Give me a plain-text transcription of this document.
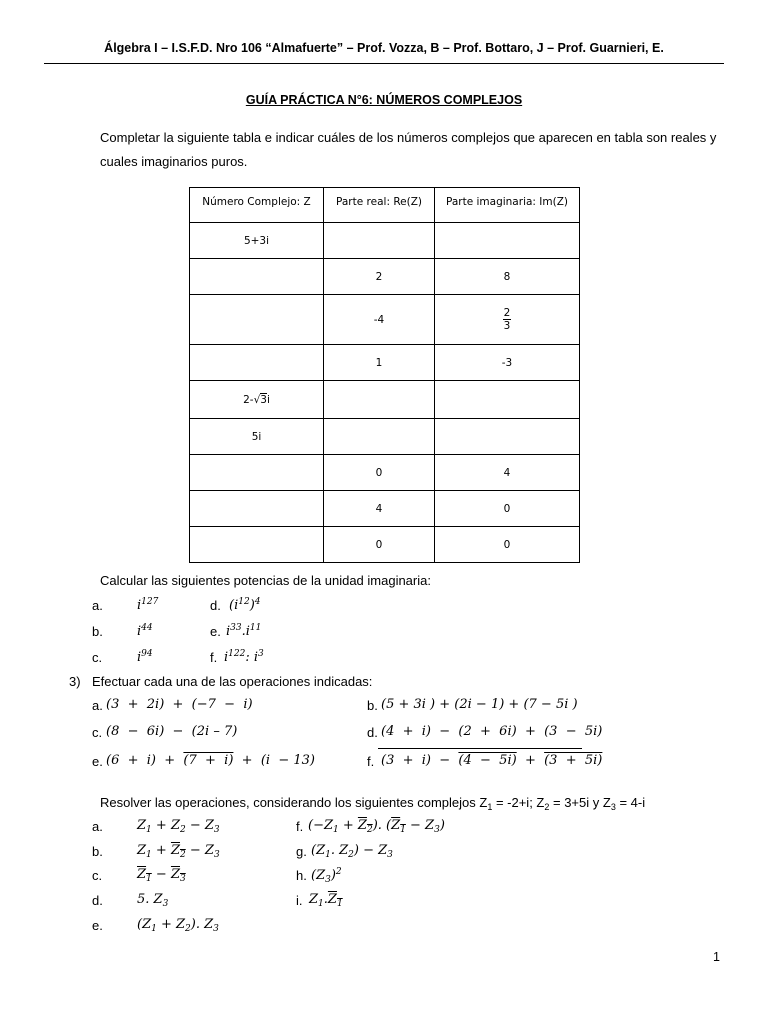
Álgebra I – I.S.F.D. Nro 106 “Almafuerte” – Prof. Vozza, B – Prof. Bottaro, J – Prof. Guarnieri, E.
GUÍA PRÁCTICA N°6: NÚMEROS COMPLEJOS
Completar la siguiente tabla e indicar cuáles de los números complejos que aparecen en tabla son reales y
cuales imaginarios puros.
Número Complejo: Z	Parte real: Re(Z)	Parte imaginaria: Im(Z)
5+3i		
	2	8
	-4	$\frac{2}{3}$

	1	-3
2-√3i		
5i		
	0	4
	4	0
	0	0
Calcular las siguientes potencias de la unidad imaginaria:
a.	$i^{127}$	d. $(i^{12})^4$
b.	$i^{44}$	e. $i^{33}.i^{11}$
c.	$i^{94}$	f. $i^{122}$: $i^3$
3) Efectuar cada una de las operaciones indicadas:
a. (3  +  2i)  +  (−7  −  i)	b. (5 + 3i ) + (2i − 1) + (7 − 5i )
c. (8  −  6i)  −  (2i – 7)	d. (4  +  i)  −  (2  +  6i)  +  (3  −  5i)
e. (6  +  i)  +  (7  +  i)  +  (i  − 13)	f. (3  +  i)  −  (4  −  5i)  +  (3  +  5i)
Resolver las operaciones, considerando los siguientes complejos $Z_1 = -2+i$; $Z_2 = 3+5i$ y $Z_3 = 4-i$
a.	$Z_1 + Z_2 - Z_3$	f. $(-Z_1 + Z_2)$. $(Z_1 - Z_3)$
b.	$Z_1 + Z_2 - Z_3$	g. ($Z_1$. $Z_2) - Z_3$
c.	$Z_1 - Z_3$	h. $(Z_3)^2$
d.	5. $Z_3$	i. $Z_1.Z_1$
e.	$(Z_1 + Z_2)$. $Z_3$
1
